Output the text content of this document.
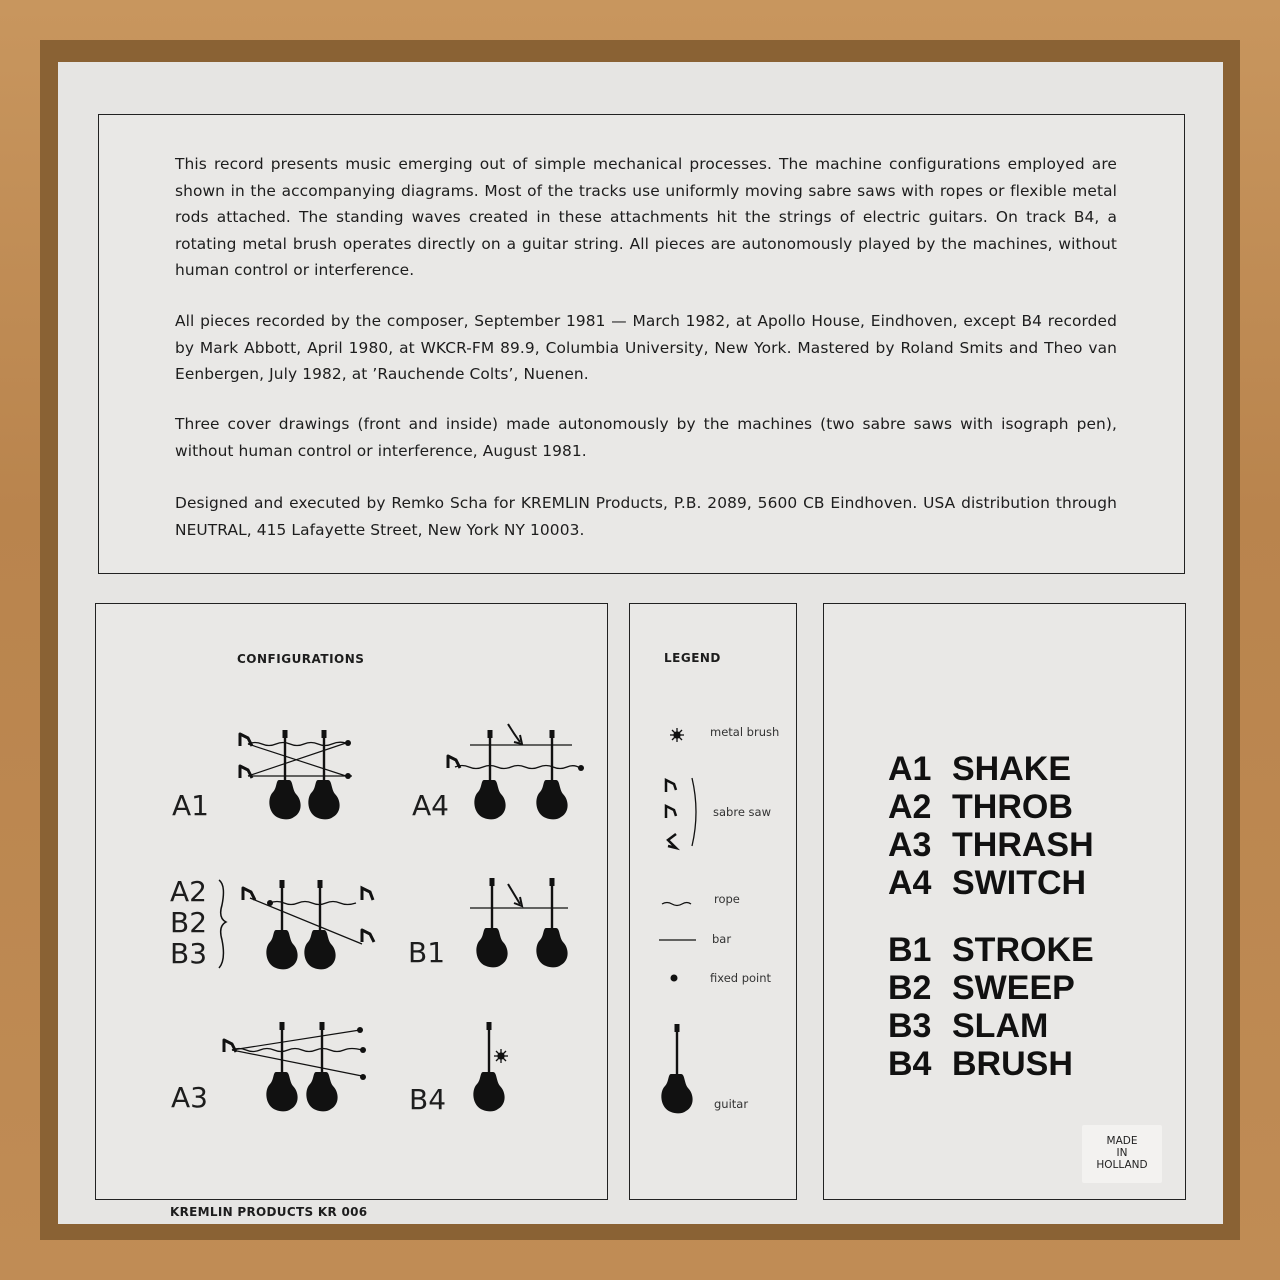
This record presents music emerging out of simple mechanical processes. The machine configurations employed are shown in the accompanying diagrams. Most of the tracks use uniformly moving sabre saws with ropes or flexible metal rods attached. The standing waves created in these attachments hit the strings of electric guitars. On track B4, a rotating metal brush operates directly on a guitar string. All pieces are autonomously played by the machines, without human control or interference.

All pieces recorded by the composer, September 1981 — March 1982, at Apollo House, Eindhoven, except B4 recorded by Mark Abbott, April 1980, at WKCR-FM 89.9, Columbia University, New York. Mastered by Roland Smits and Theo van Eenbergen, July 1982, at ’Rauchende Colts’, Nuenen.

Three cover drawings (front and inside) made autonomously by the machines (two sabre saws with isograph pen), without human control or interference, August 1981.

Designed and executed by Remko Scha for KREMLIN Products, P.B. 2089, 5600 CB Eindhoven. USA distribution through NEUTRAL, 415 Lafayette Street, New York NY 10003.

CONFIGURATIONS
A1	A4
A2
B2
B3	B1
A3	B4
LEGEND
metal brush
sabre saw
rope
bar
fixed point
guitar
A1 SHAKE
A2 THROB
A3 THRASH
A4 SWITCH
B1 STROKE
B2 SWEEP
B3 SLAM
B4 BRUSH
MADE
IN
HOLLAND
KREMLIN PRODUCTS KR 006
